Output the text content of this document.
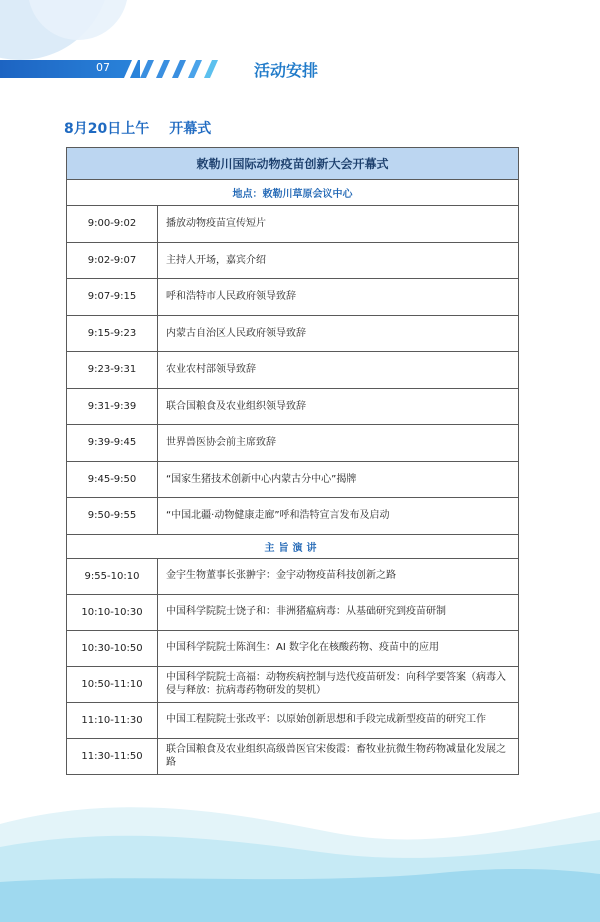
07	活动安排
8月20日上午 开幕式
敕勒川国际动物疫苗创新大会开幕式	
地点：敕勒川草原会议中心	
9:00-9:02	播放动物疫苗宣传短片
9:02-9:07	主持人开场，嘉宾介绍
9:07-9:15	呼和浩特市人民政府领导致辞
9:15-9:23	内蒙古自治区人民政府领导致辞
9:23-9:31	农业农村部领导致辞
9:31-9:39	联合国粮食及农业组织领导致辞
9:39-9:45	世界兽医协会前主席致辞
9:45-9:50	“国家生猪技术创新中心内蒙古分中心”揭牌
9:50-9:55	“中国北疆·动物健康走廊”呼和浩特宣言发布及启动
主旨演讲	
9:55-10:10	金宇生物董事长张翀宇：金宇动物疫苗科技创新之路
10:10-10:30	中国科学院院士饶子和：非洲猪瘟病毒：从基础研究到疫苗研制
10:30-10:50	中国科学院院士陈润生：AI 数字化在核酸药物、疫苗中的应用
10:50-11:10	中国科学院院士高福：动物疾病控制与迭代疫苗研发：向科学要答案（病毒入侵与释放：抗病毒药物研发的契机）
11:10-11:30	中国工程院院士张改平：以原始创新思想和手段完成新型疫苗的研究工作
11:30-11:50	联合国粮食及农业组织高级兽医官宋俊霞：畜牧业抗微生物药物减量化发展之路
